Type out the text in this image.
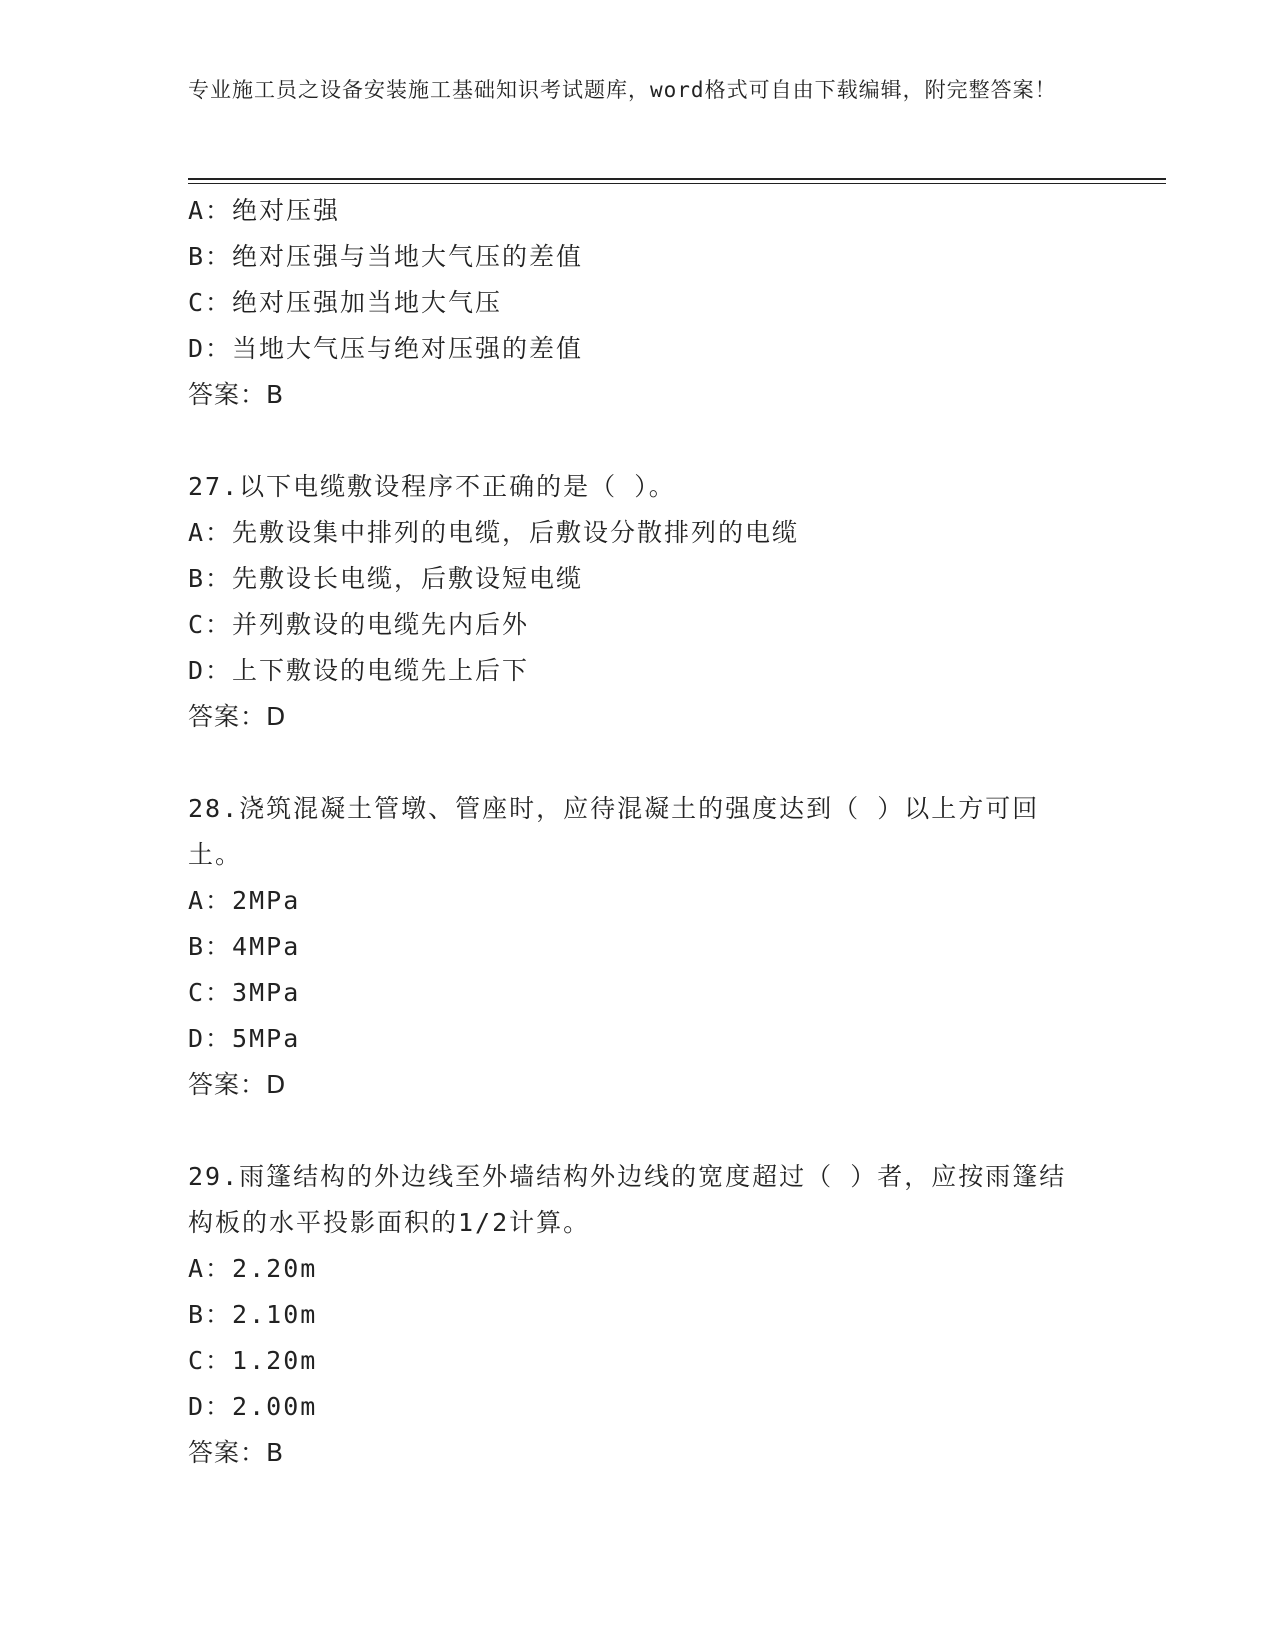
专业施工员之设备安装施工基础知识考试题库，word格式可自由下载编辑，附完整答案！
A：绝对压强
B：绝对压强与当地大气压的差值
C：绝对压强加当地大气压
D：当地大气压与绝对压强的差值
答案：B
27.以下电缆敷设程序不正确的是（ ）。
A：先敷设集中排列的电缆，后敷设分散排列的电缆
B：先敷设长电缆，后敷设短电缆
C：并列敷设的电缆先内后外
D：上下敷设的电缆先上后下
答案：D
28.浇筑混凝土管墩、管座时，应待混凝土的强度达到（ ）以上方可回土。
A：2MPa
B：4MPa
C：3MPa
D：5MPa
答案：D
29.雨篷结构的外边线至外墙结构外边线的宽度超过（ ）者，应按雨篷结构板的水平投影面积的1/2计算。
A：2.20m
B：2.10m
C：1.20m
D：2.00m
答案：B
